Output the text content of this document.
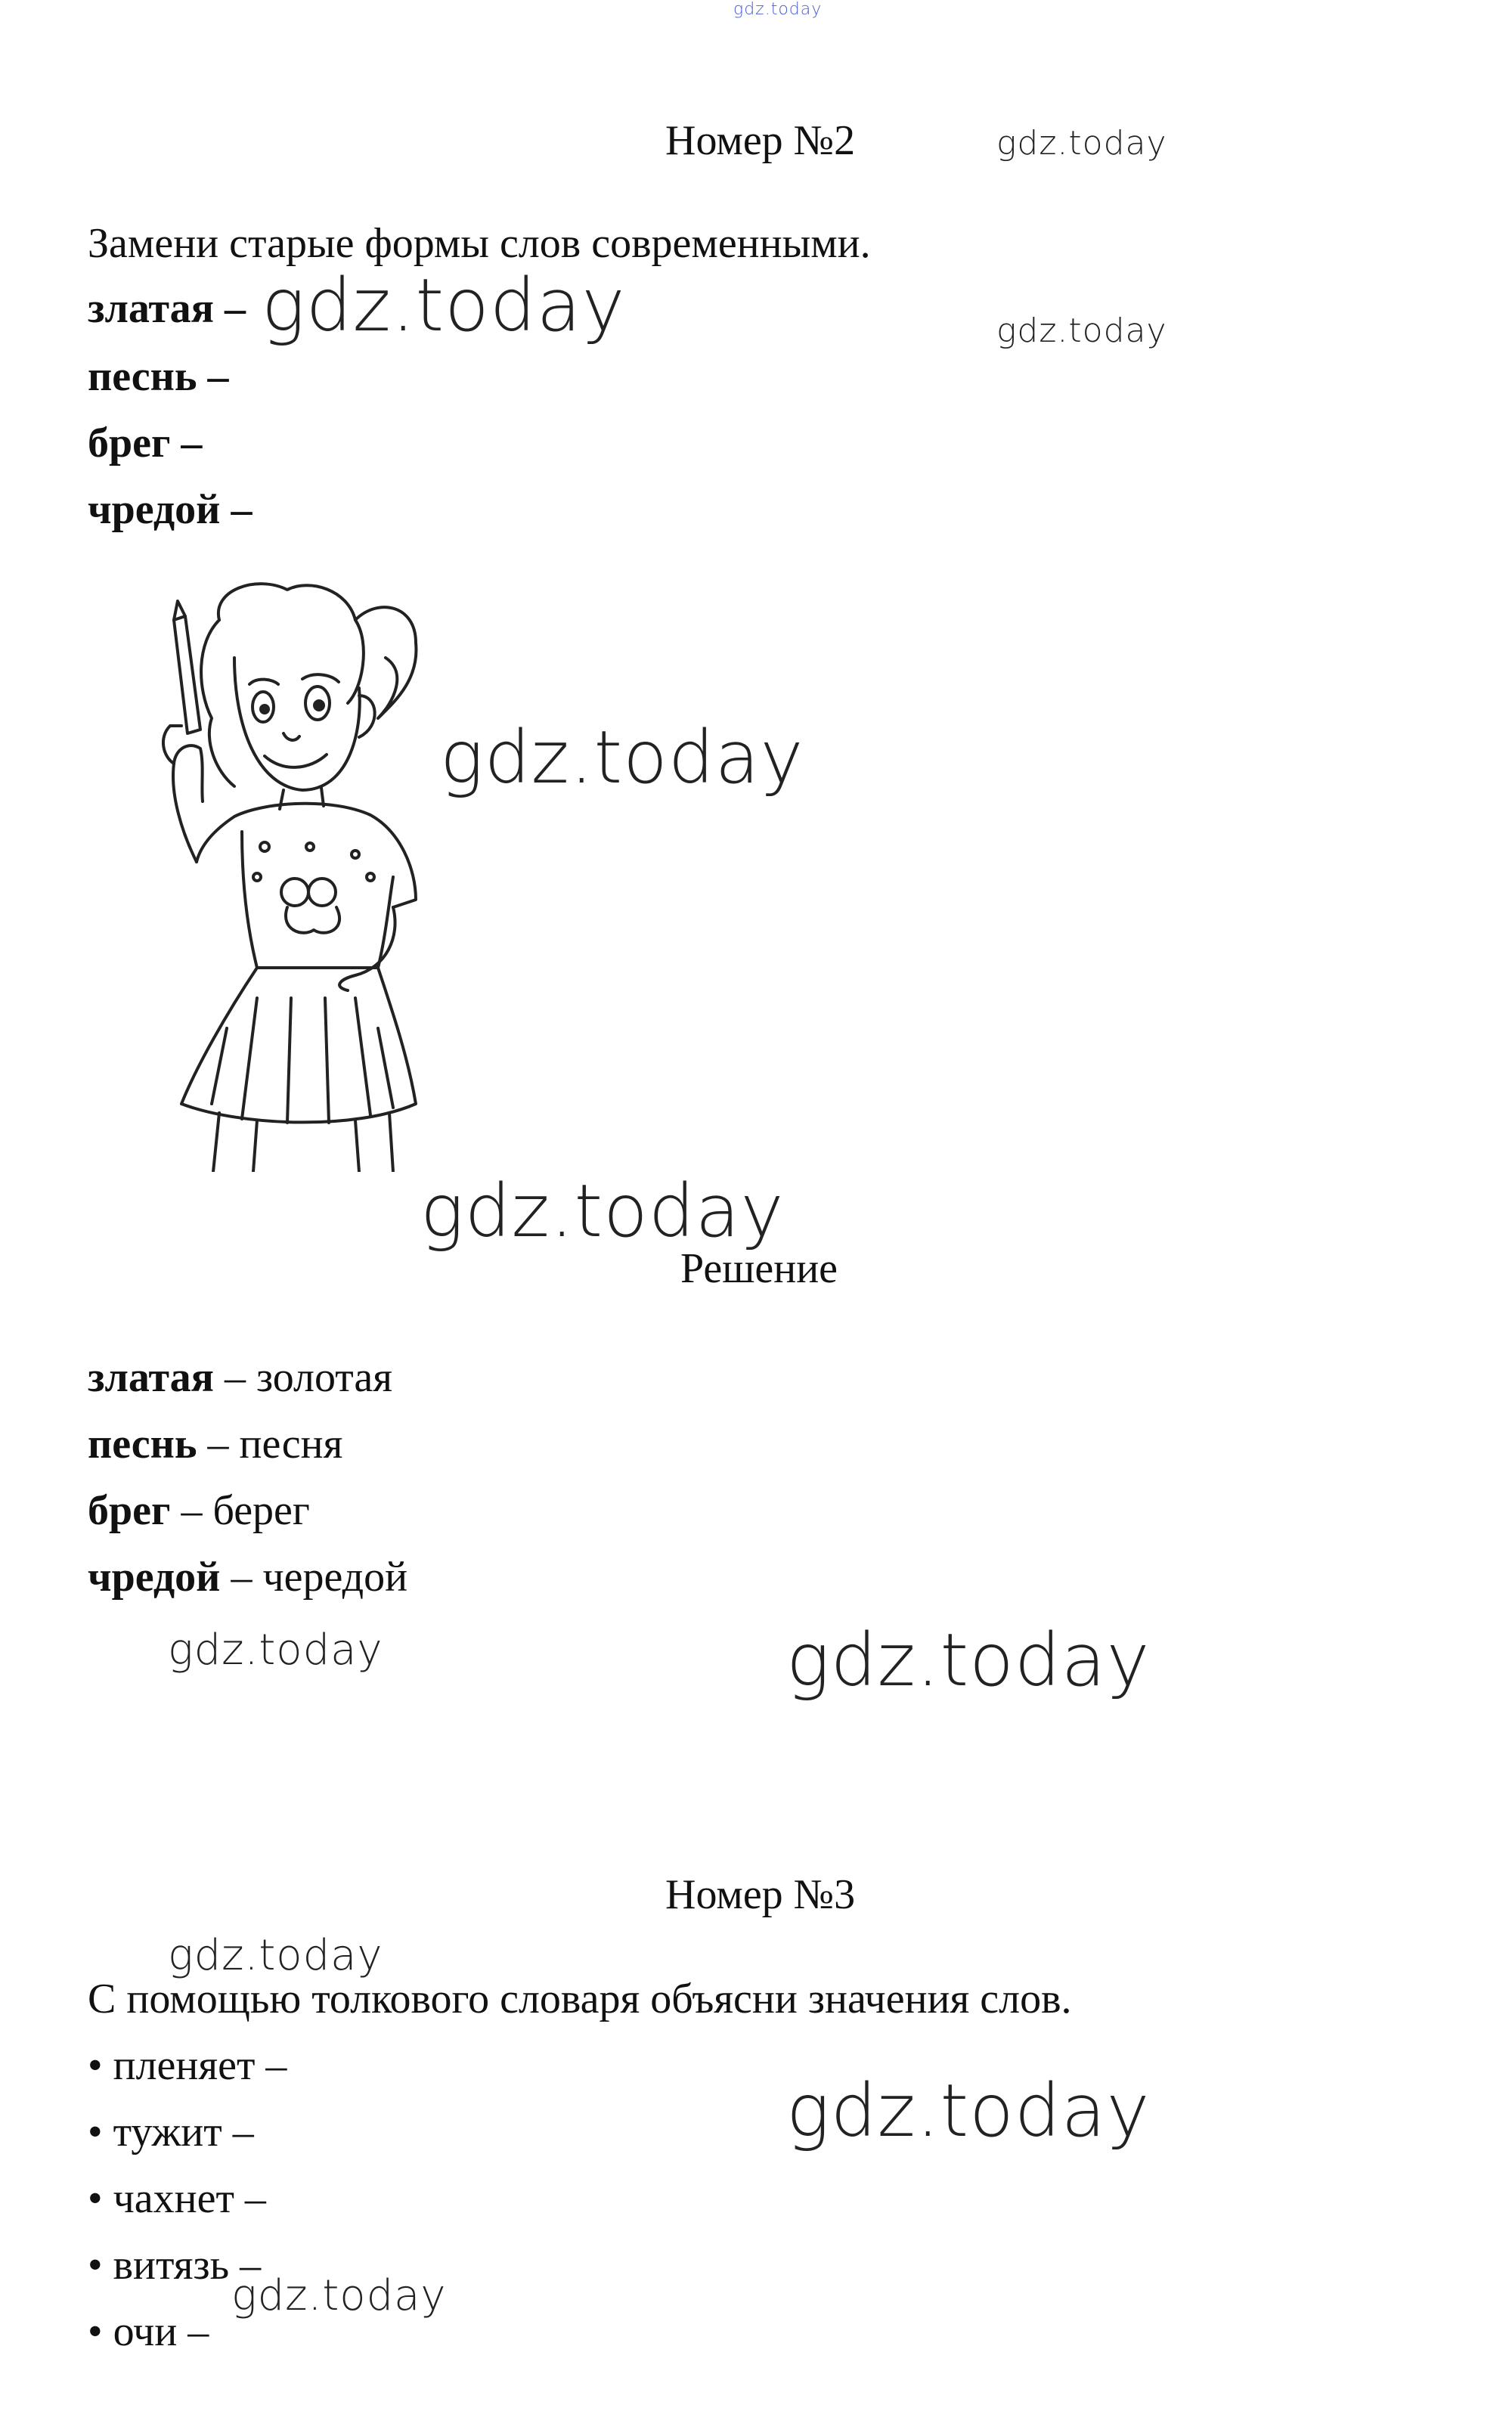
gdz.today
Номер №2	gdz.today
Замени старые формы слов современными.
златая – gdz.today	gdz.today
песнь –
брег –
чредой –
gdz.today
gdz.today
Решение
златая – золотая
песнь – песня
брег – берег
чредой – чередой
gdz.today	gdz.today
Номер №3
gdz.today
С помощью толкового словаря объясни значения слов.
• пленяет –
gdz.today
• тужит –
• чахнет –
• витязь –
gdz.today
• очи –
